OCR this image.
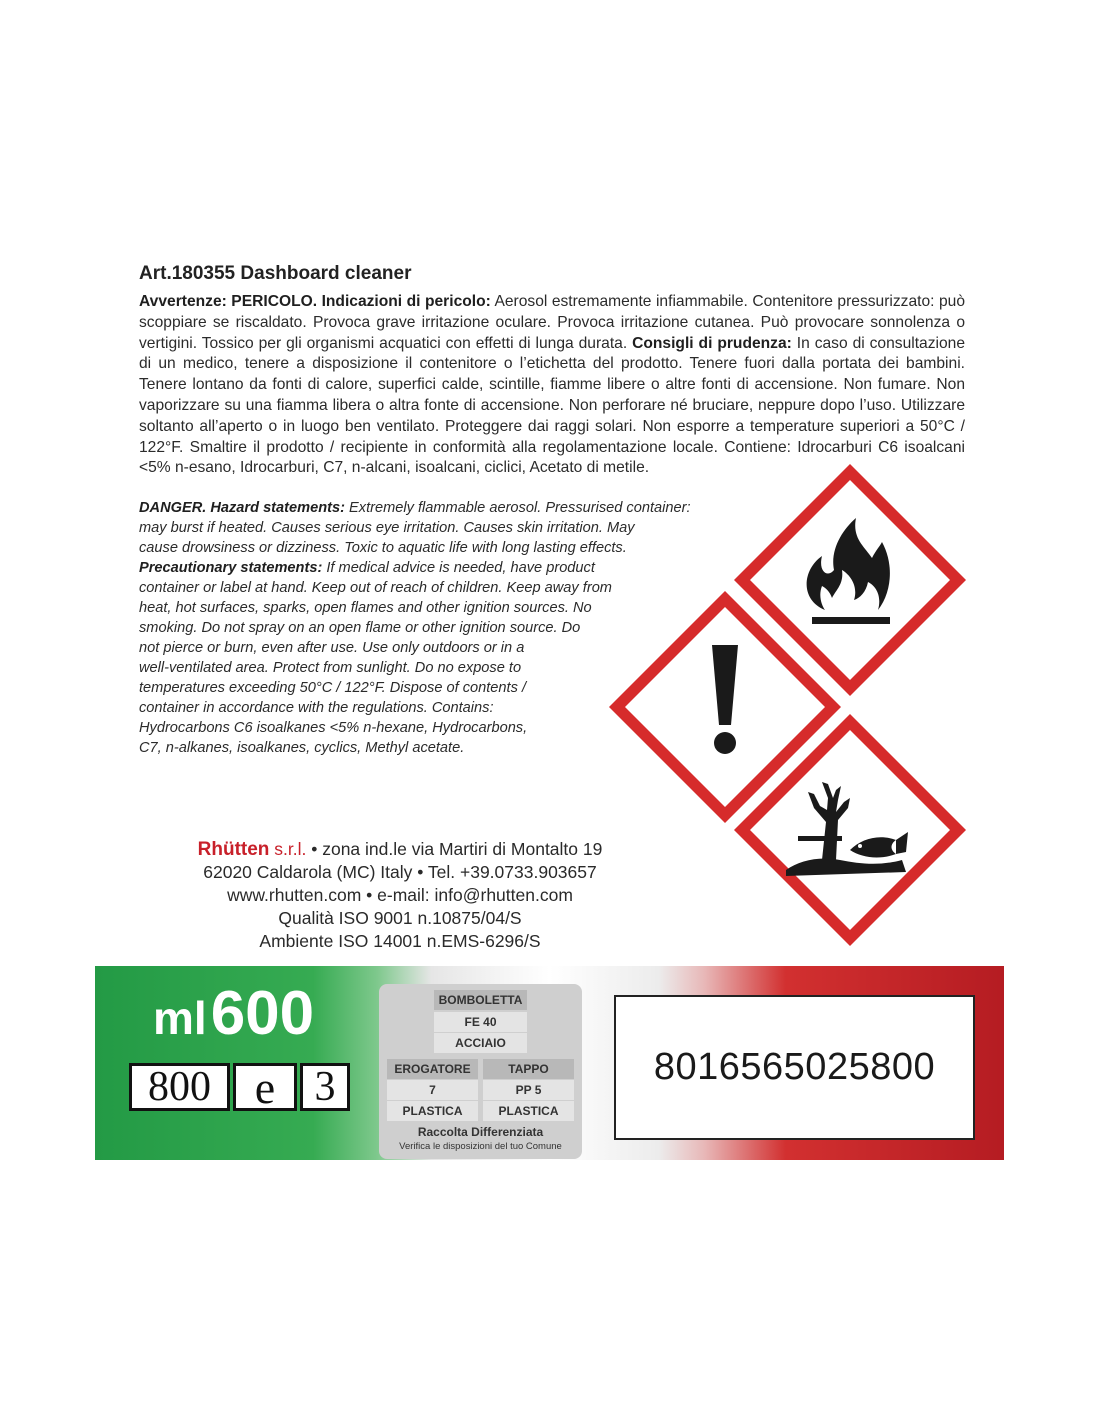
Art.180355 Dashboard cleaner
Avvertenze: PERICOLO. Indicazioni di pericolo: Aerosol estremamente infiammabile. Contenitore pressurizzato: può scoppiare se riscaldato. Provoca grave irritazione oculare. Provoca irritazione cutanea. Può provocare sonnolenza o vertigini. Tossico per gli organismi acquatici con effetti di lunga durata. Consigli di prudenza: In caso di consultazione di un medico, tenere a disposizione il contenitore o l’etichetta del prodotto. Tenere fuori dalla portata dei bambini. Tenere lontano da fonti di calore, superfici calde, scintille, fiamme libere o altre fonti di accensione. Non fumare. Non vaporizzare su una fiamma libera o altra fonte di accensione. Non perforare né bruciare, neppure dopo l’uso. Utilizzare soltanto all’aperto o in luogo ben ventilato. Proteggere dai raggi solari. Non esporre a temperature superiori a 50°C / 122°F. Smaltire il prodotto / recipiente in conformità alla regolamentazione locale. Contiene: Idrocarburi C6 isoalcani <5% n-esano, Idrocarburi, C7, n-alcani, isoalcani, ciclici, Acetato di metile.
DANGER. Hazard statements: Extremely flammable aerosol. Pressurised container:
may burst if heated. Causes serious eye irritation. Causes skin irritation. May
cause drowsiness or dizziness. Toxic to aquatic life with long lasting effects.
Precautionary statements: If medical advice is needed, have product
container or label at hand. Keep out of reach of children. Keep away from
heat, hot surfaces, sparks, open flames and other ignition sources. No
smoking. Do not spray on an open flame or other ignition source. Do
not pierce or burn, even after use. Use only outdoors or in a
well-ventilated area. Protect from sunlight. Do no expose to
temperatures exceeding 50°C / 122°F. Dispose of contents /
container in accordance with the regulations. Contains:
Hydrocarbons C6 isoalkanes <5% n-hexane, Hydrocarbons,
C7, n-alkanes, isoalkanes, cyclics, Methyl acetate.
Rhütten s.r.l. • zona ind.le via Martiri di Montalto 19
62020 Caldarola (MC) Italy • Tel. +39.0733.903657
www.rhutten.com • e-mail: info@rhutten.com
Qualità ISO 9001 n.10875/04/S
Ambiente ISO 14001 n.EMS-6296/S
ml600
800 e 3
BOMBOLETTA
FE 40
ACCIAIO
EROGATORE
7
PLASTICA
TAPPO
PP 5
PLASTICA
Raccolta Differenziata
Verifica le disposizioni del tuo Comune
8016565025800
